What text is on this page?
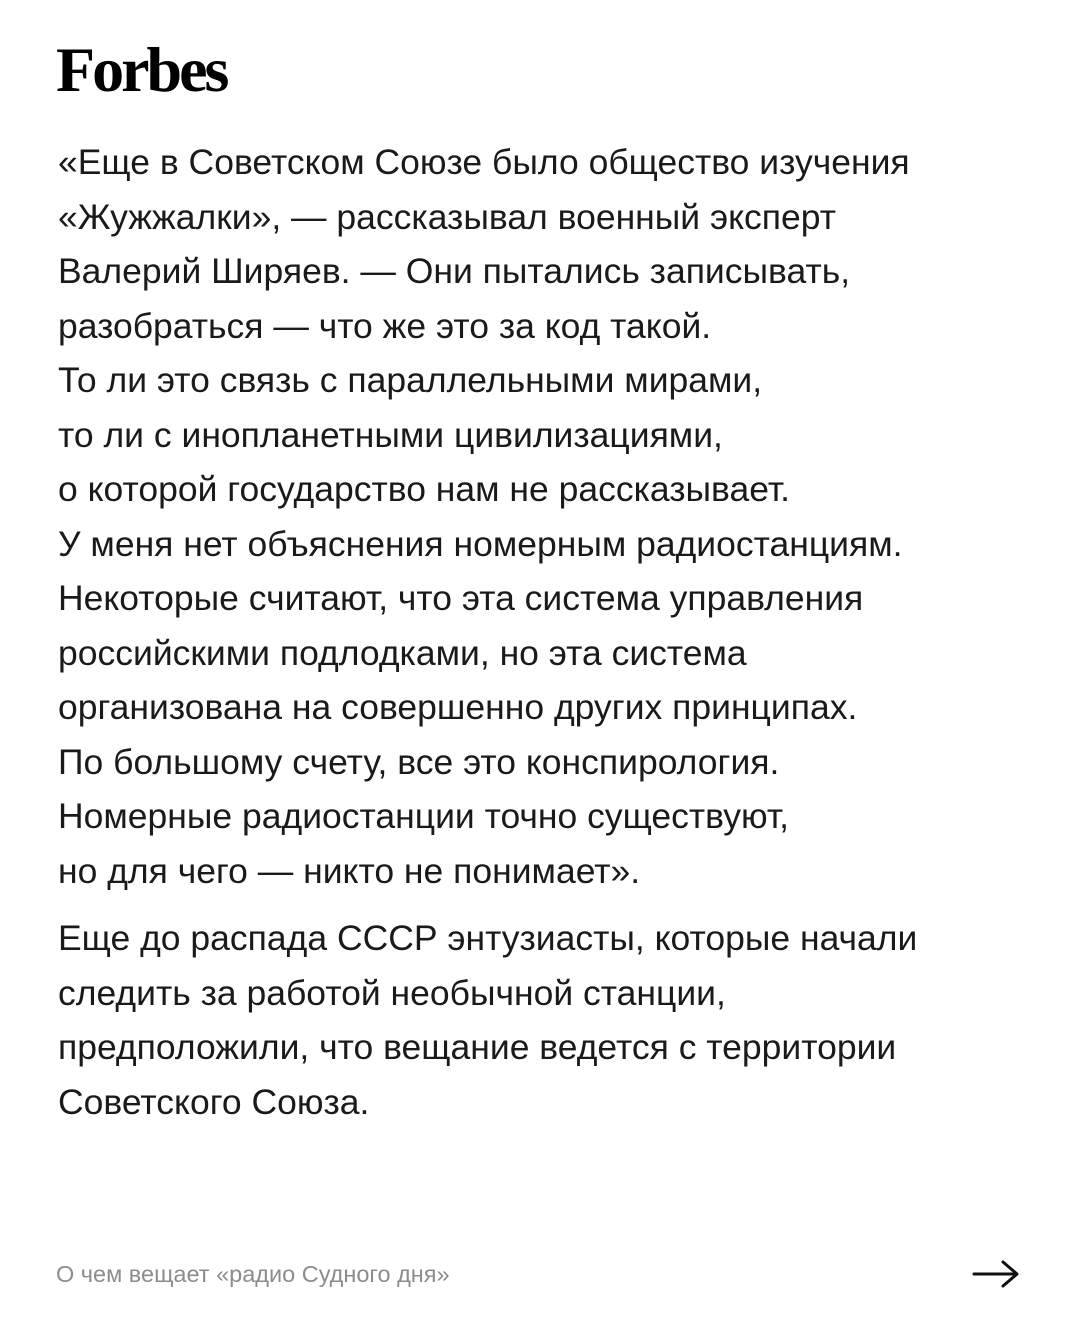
Forbes

«Еще в Советском Союзе было общество изучения
«Жужжалки», — рассказывал военный эксперт
Валерий Ширяев. — Они пытались записывать,
разобраться — что же это за код такой.
То ли это связь с параллельными мирами,
то ли с инопланетными цивилизациями,
о которой государство нам не рассказывает.
У меня нет объяснения номерным радиостанциям.
Некоторые считают, что эта система управления
российскими подлодками, но эта система
организована на совершенно других принципах.
По большому счету, все это конспирология.
Номерные радиостанции точно существуют,
но для чего — никто не понимает».

Еще до распада СССР энтузиасты, которые начали
следить за работой необычной станции,
предположили, что вещание ведется с территории
Советского Союза.

О чем вещает «радио Судного дня»
